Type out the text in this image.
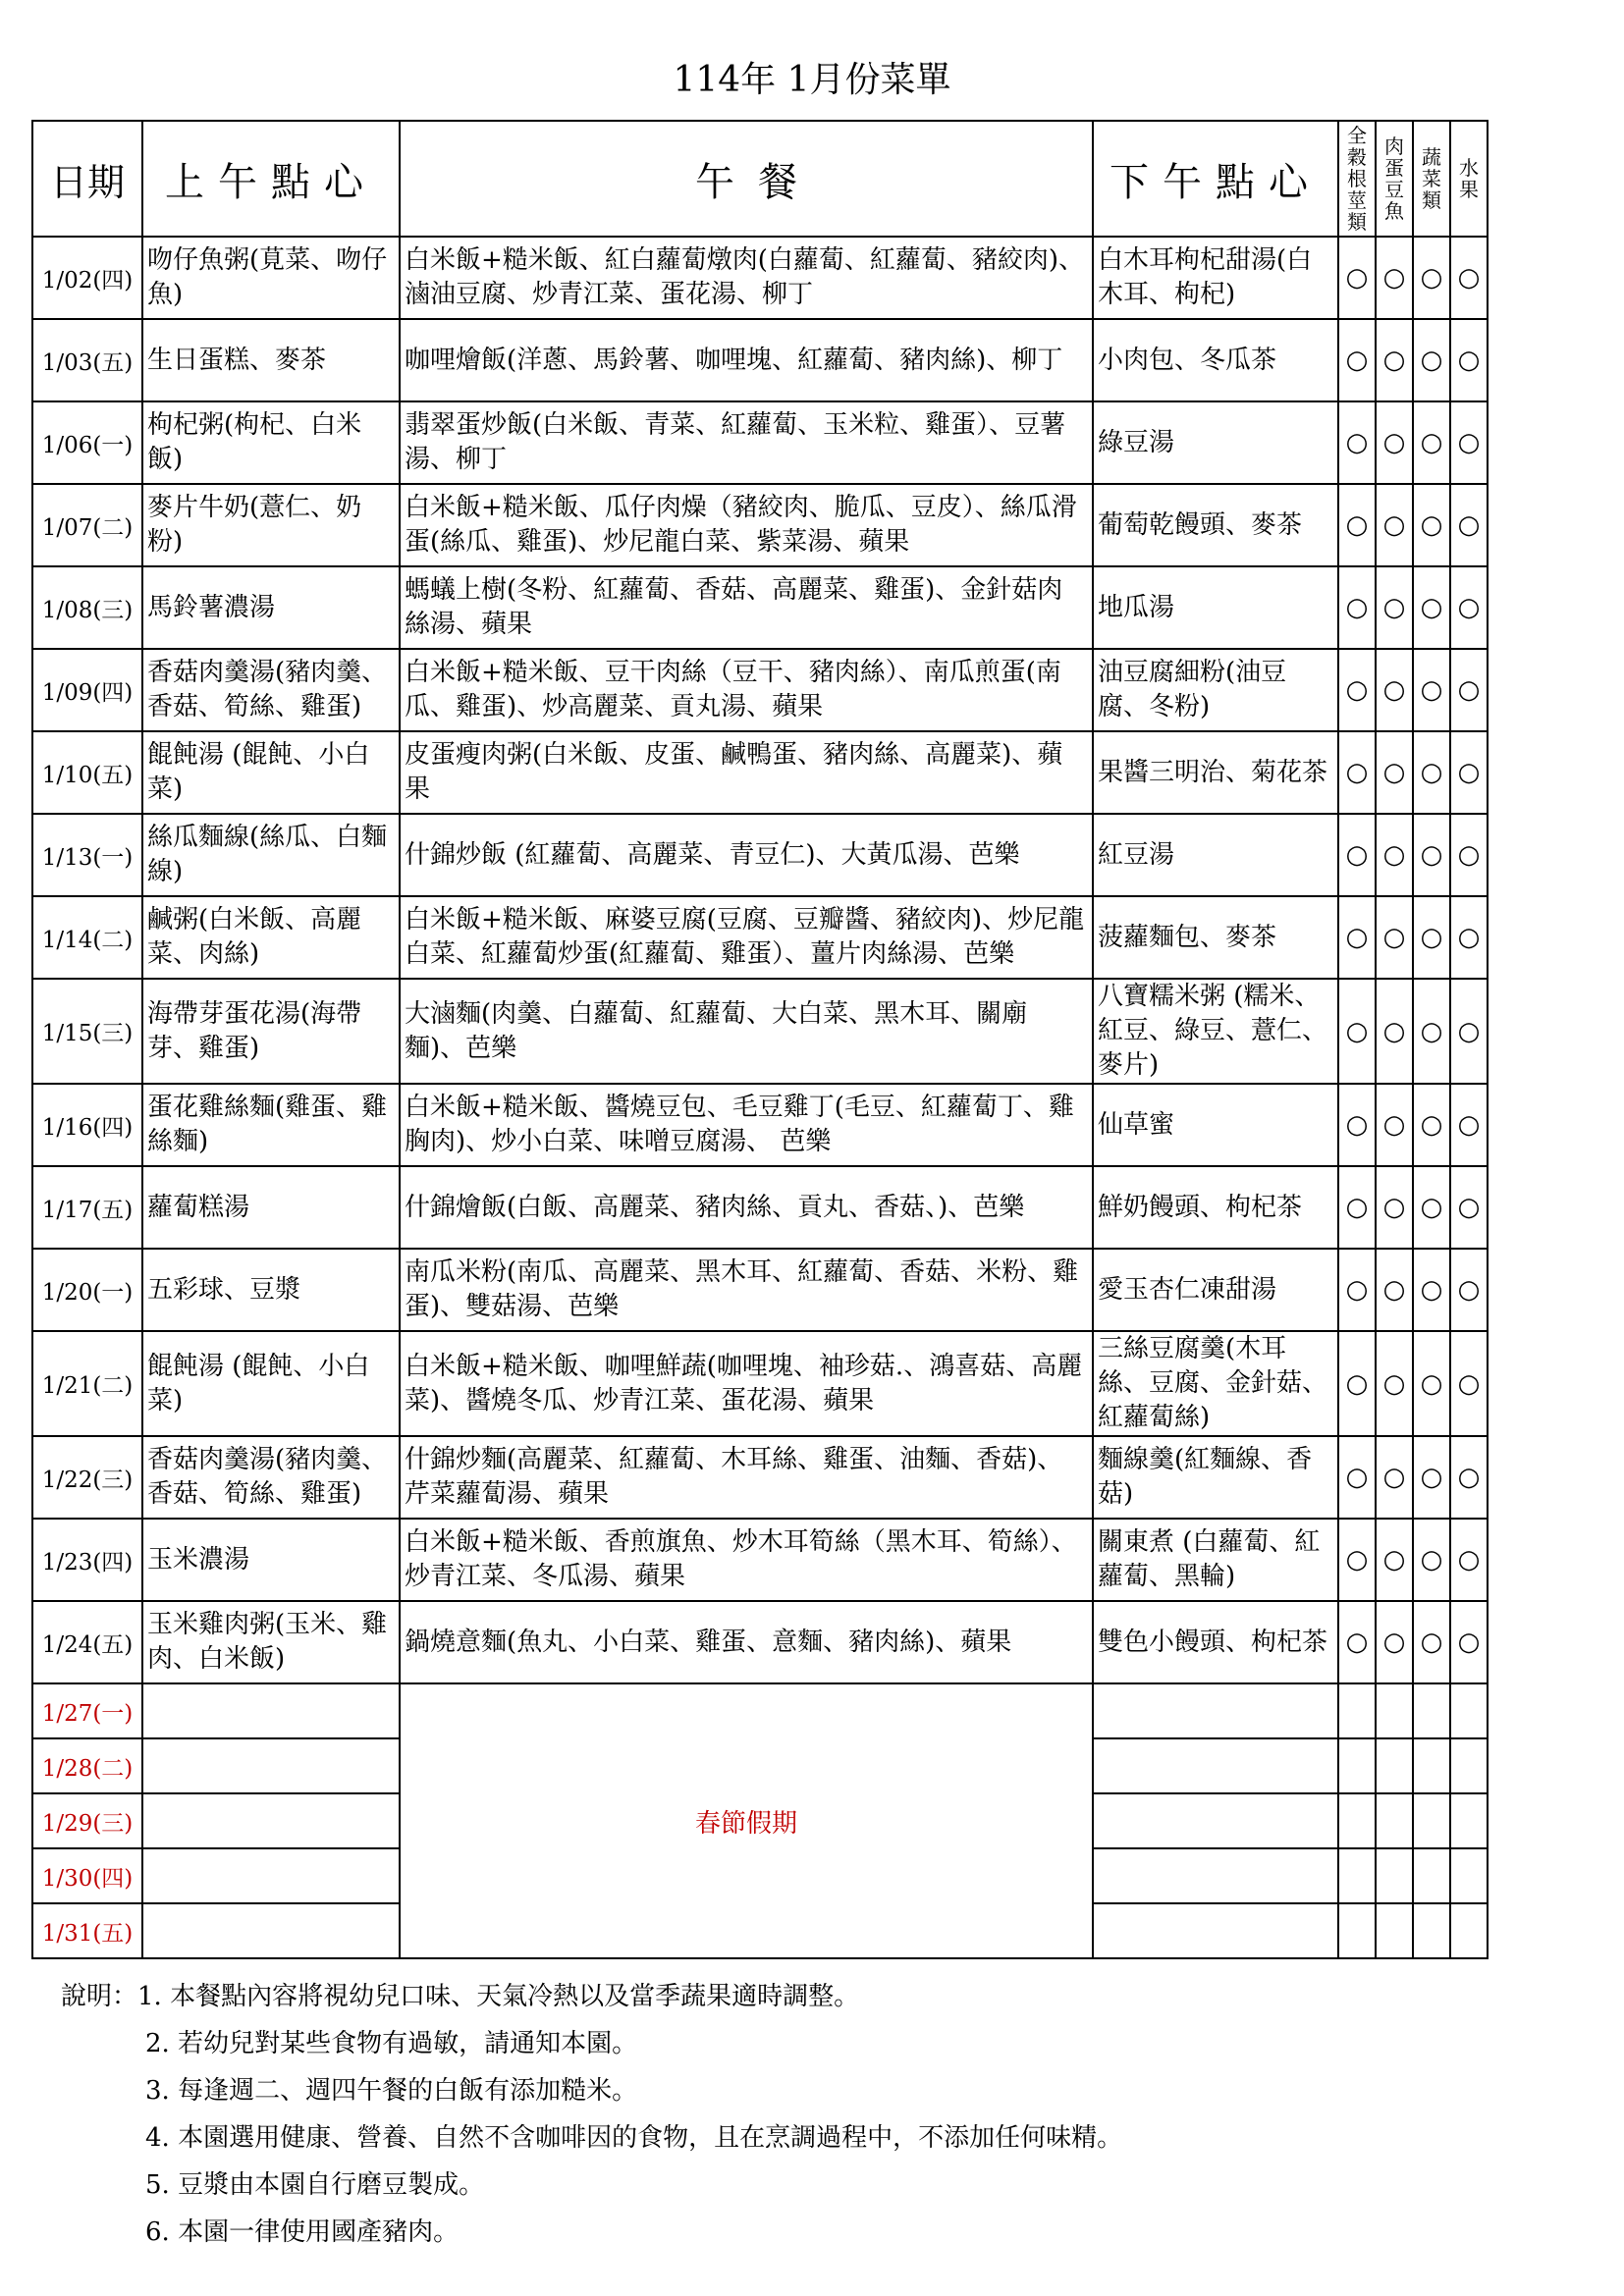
114年 1月份菜單
日期	上午點心	午 餐	下午點心	全穀根莖類	肉蛋豆魚	蔬菜類	水果

1/02(四)	吻仔魚粥(莧菜、吻仔魚)	白米飯+糙米飯、紅白蘿蔔燉肉(白蘿蔔、紅蘿蔔、豬絞肉)、滷油豆腐、炒青江菜、蛋花湯、柳丁	白木耳枸杞甜湯(白木耳、枸杞)	○	○	○	○
1/03(五)	生日蛋糕、麥茶	咖哩燴飯(洋蔥、馬鈴薯、咖哩塊、紅蘿蔔、豬肉絲)、柳丁	小肉包、冬瓜茶	○	○	○	○
1/06(一)	枸杞粥(枸杞、白米飯)	翡翠蛋炒飯(白米飯、青菜、紅蘿蔔、玉米粒、雞蛋）、豆薯湯、柳丁	綠豆湯	○	○	○	○
1/07(二)	麥片牛奶(薏仁、奶粉)	白米飯+糙米飯、瓜仔肉燥（豬絞肉、脆瓜、豆皮）、絲瓜滑蛋(絲瓜、雞蛋)、炒尼龍白菜、紫菜湯、蘋果	葡萄乾饅頭、麥茶	○	○	○	○
1/08(三)	馬鈴薯濃湯	螞蟻上樹(冬粉、紅蘿蔔、香菇、高麗菜、雞蛋)、金針菇肉絲湯、蘋果	地瓜湯	○	○	○	○
1/09(四)	香菇肉羹湯(豬肉羹、香菇、筍絲、雞蛋)	白米飯+糙米飯、豆干肉絲（豆干、豬肉絲）、南瓜煎蛋(南瓜、雞蛋)、炒高麗菜、貢丸湯、蘋果	油豆腐細粉(油豆腐、冬粉)	○	○	○	○
1/10(五)	餛飩湯 (餛飩、小白菜)	皮蛋瘦肉粥(白米飯、皮蛋、鹹鴨蛋、豬肉絲、高麗菜)、蘋果	果醬三明治、菊花茶	○	○	○	○
1/13(一)	絲瓜麵線(絲瓜、白麵線)	什錦炒飯 (紅蘿蔔、高麗菜、青豆仁)、大黃瓜湯、芭樂	紅豆湯	○	○	○	○
1/14(二)	鹹粥(白米飯、高麗菜、肉絲)	白米飯+糙米飯、麻婆豆腐(豆腐、豆瓣醬、豬絞肉)、炒尼龍白菜、紅蘿蔔炒蛋(紅蘿蔔、雞蛋）、薑片肉絲湯、芭樂	菠蘿麵包、麥茶	○	○	○	○
1/15(三)	海帶芽蛋花湯(海帶芽、雞蛋)	大滷麵(肉羹、白蘿蔔、紅蘿蔔、大白菜、黑木耳、關廟麵)、芭樂	八寶糯米粥 (糯米、紅豆、綠豆、薏仁、麥片)	○	○	○	○
1/16(四)	蛋花雞絲麵(雞蛋、雞絲麵)	白米飯+糙米飯、醬燒豆包、毛豆雞丁(毛豆、紅蘿蔔丁、雞胸肉)、炒小白菜、味噌豆腐湯、 芭樂	仙草蜜	○	○	○	○
1/17(五)	蘿蔔糕湯	什錦燴飯(白飯、高麗菜、豬肉絲、貢丸、香菇、)、芭樂	鮮奶饅頭、枸杞茶	○	○	○	○
1/20(一)	五彩球、豆漿	南瓜米粉(南瓜、高麗菜、黑木耳、紅蘿蔔、香菇、米粉、雞蛋)、雙菇湯、芭樂	愛玉杏仁凍甜湯	○	○	○	○
1/21(二)	餛飩湯 (餛飩、小白菜)	白米飯+糙米飯、咖哩鮮蔬(咖哩塊、袖珍菇.、鴻喜菇、高麗菜)、醬燒冬瓜、炒青江菜、蛋花湯、蘋果	三絲豆腐羹(木耳絲、豆腐、金針菇、紅蘿蔔絲)	○	○	○	○
1/22(三)	香菇肉羹湯(豬肉羹、香菇、筍絲、雞蛋)	什錦炒麵(高麗菜、紅蘿蔔、木耳絲、雞蛋、油麵、香菇)、芹菜蘿蔔湯、蘋果	麵線羹(紅麵線、香菇)	○	○	○	○
1/23(四)	玉米濃湯	白米飯+糙米飯、香煎旗魚、炒木耳筍絲（黑木耳、筍絲）、炒青江菜、冬瓜湯、蘋果	關東煮 (白蘿蔔、紅蘿蔔、黑輪)	○	○	○	○
1/24(五)	玉米雞肉粥(玉米、雞肉、白米飯)	鍋燒意麵(魚丸、小白菜、雞蛋、意麵、豬肉絲)、蘋果	雙色小饅頭、枸杞茶	○	○	○	○
1/27(一)		春節假期					
1/28(二)							
1/29(三)							
1/30(四)							
1/31(五)							
說明：1. 本餐點內容將視幼兒口味、天氣冷熱以及當季蔬果適時調整。
2. 若幼兒對某些食物有過敏，請通知本園。
3. 每逢週二、週四午餐的白飯有添加糙米。
4. 本園選用健康、營養、自然不含咖啡因的食物，且在烹調過程中，不添加任何味精。
5. 豆漿由本園自行磨豆製成。
6. 本園一律使用國產豬肉。
